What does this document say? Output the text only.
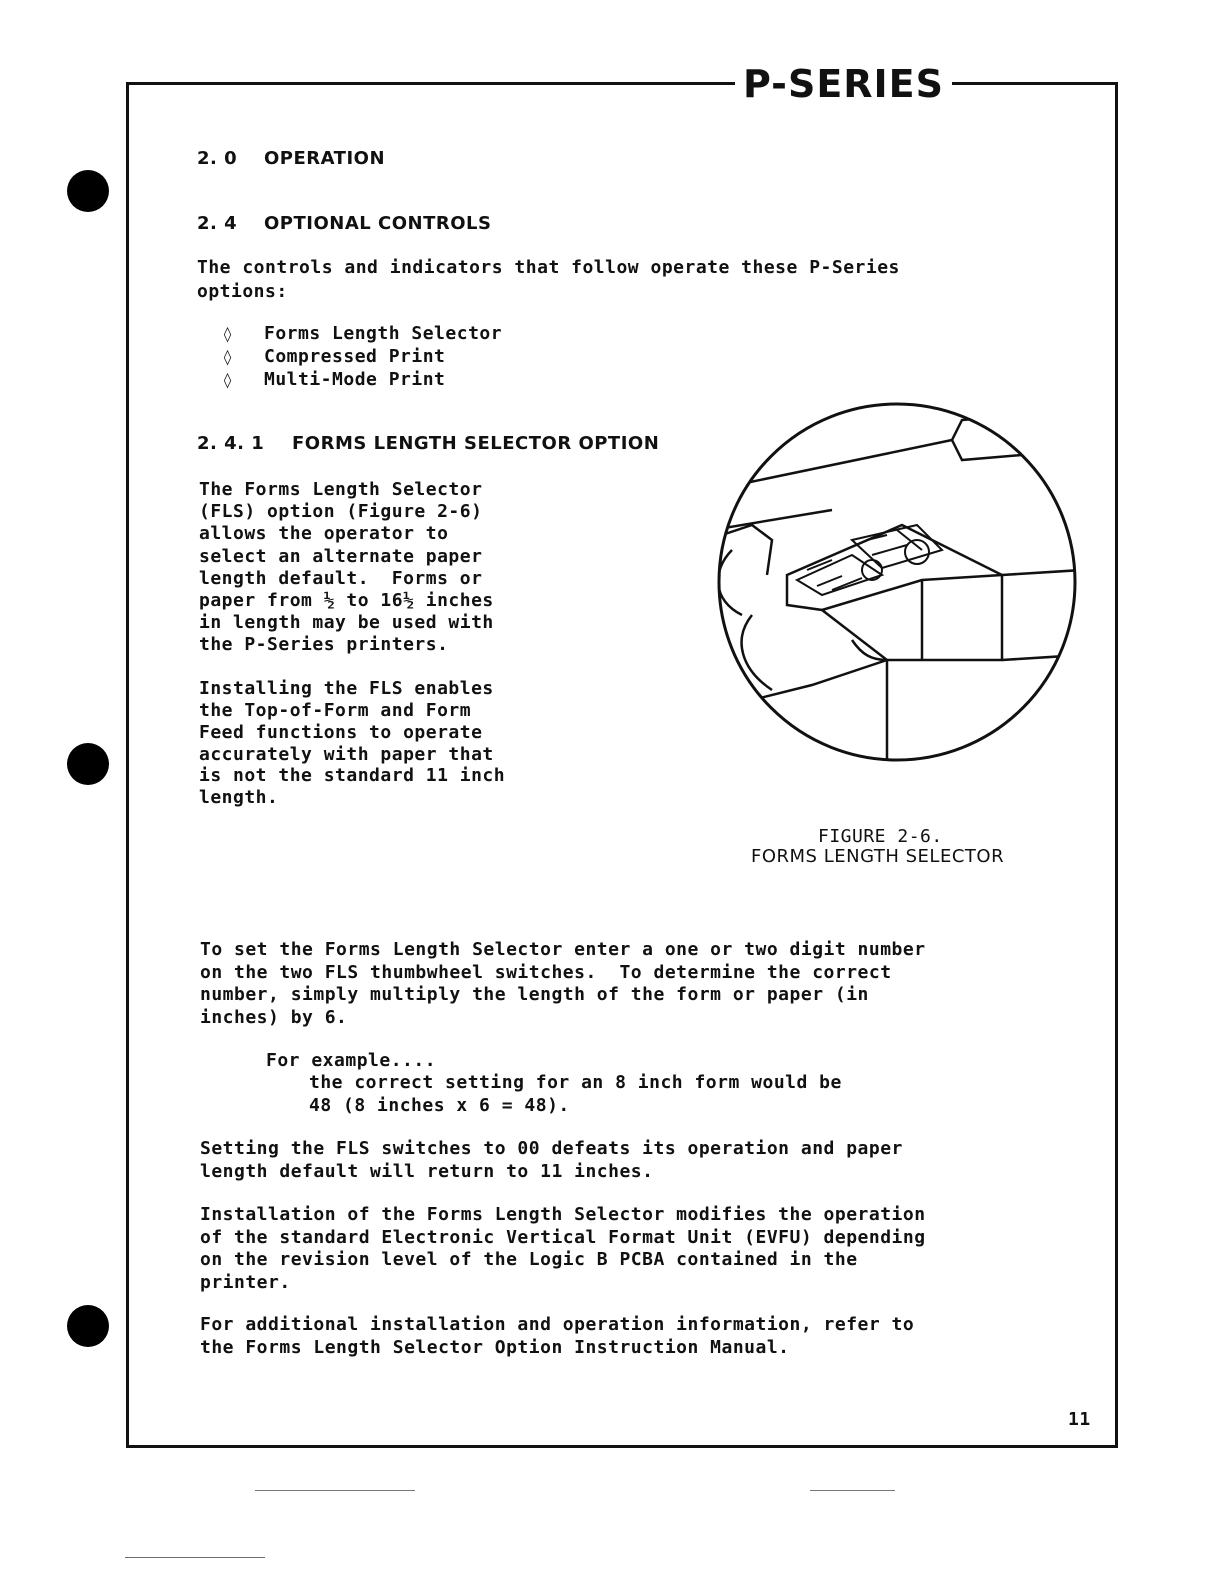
P-SERIES
2. 0 OPERATION
2. 4 OPTIONAL CONTROLS
The controls and indicators that follow operate these P-Series
options:
◊ Forms Length Selector
◊ Compressed Print
◊ Multi-Mode Print
2. 4. 1 FORMS LENGTH SELECTOR OPTION
The Forms Length Selector
(FLS) option (Figure 2-6)
allows the operator to
select an alternate paper
length default.  Forms or
paper from ½ to 16½ inches
in length may be used with
the P-Series printers.
Installing the FLS enables
the Top-of-Form and Form
Feed functions to operate
accurately with paper that
is not the standard 11 inch
length.
FIGURE 2-6.
FORMS LENGTH SELECTOR
To set the Forms Length Selector enter a one or two digit number
on the two FLS thumbwheel switches.  To determine the correct
number, simply multiply the length of the form or paper (in
inches) by 6.
For example....
the correct setting for an 8 inch form would be
48 (8 inches x 6 = 48).
Setting the FLS switches to 00 defeats its operation and paper
length default will return to 11 inches.
Installation of the Forms Length Selector modifies the operation
of the standard Electronic Vertical Format Unit (EVFU) depending
on the revision level of the Logic B PCBA contained in the
printer.
For additional installation and operation information, refer to
the Forms Length Selector Option Instruction Manual.
11
